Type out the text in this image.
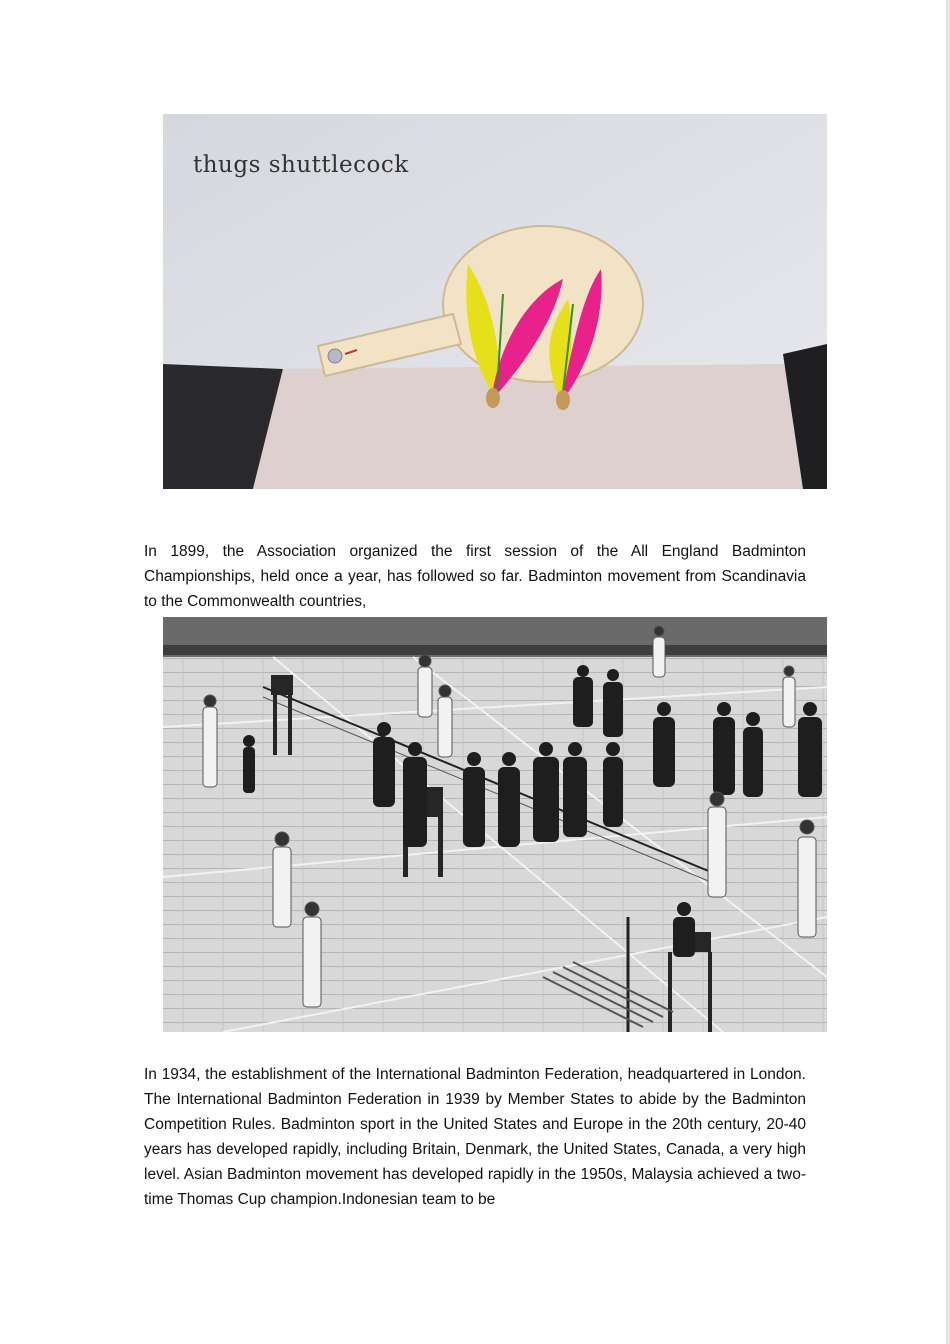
thugs shuttlecock

In 1899, the Association organized the first session of the All England Badminton Championships, held once a year, has followed so far. Badminton movement from Scandinavia to the Commonwealth countries,

In 1934, the establishment of the International Badminton Federation, headquartered in London. The International Badminton Federation in 1939 by Member States to abide by the Badminton Competition Rules. Badminton sport in the United States and Europe in the 20th century, 20-40 years has developed rapidly, including Britain, Denmark, the United States, Canada, a very high level. Asian Badminton movement has developed rapidly in the 1950s, Malaysia achieved a two-time Thomas Cup champion.Indonesian team to be
